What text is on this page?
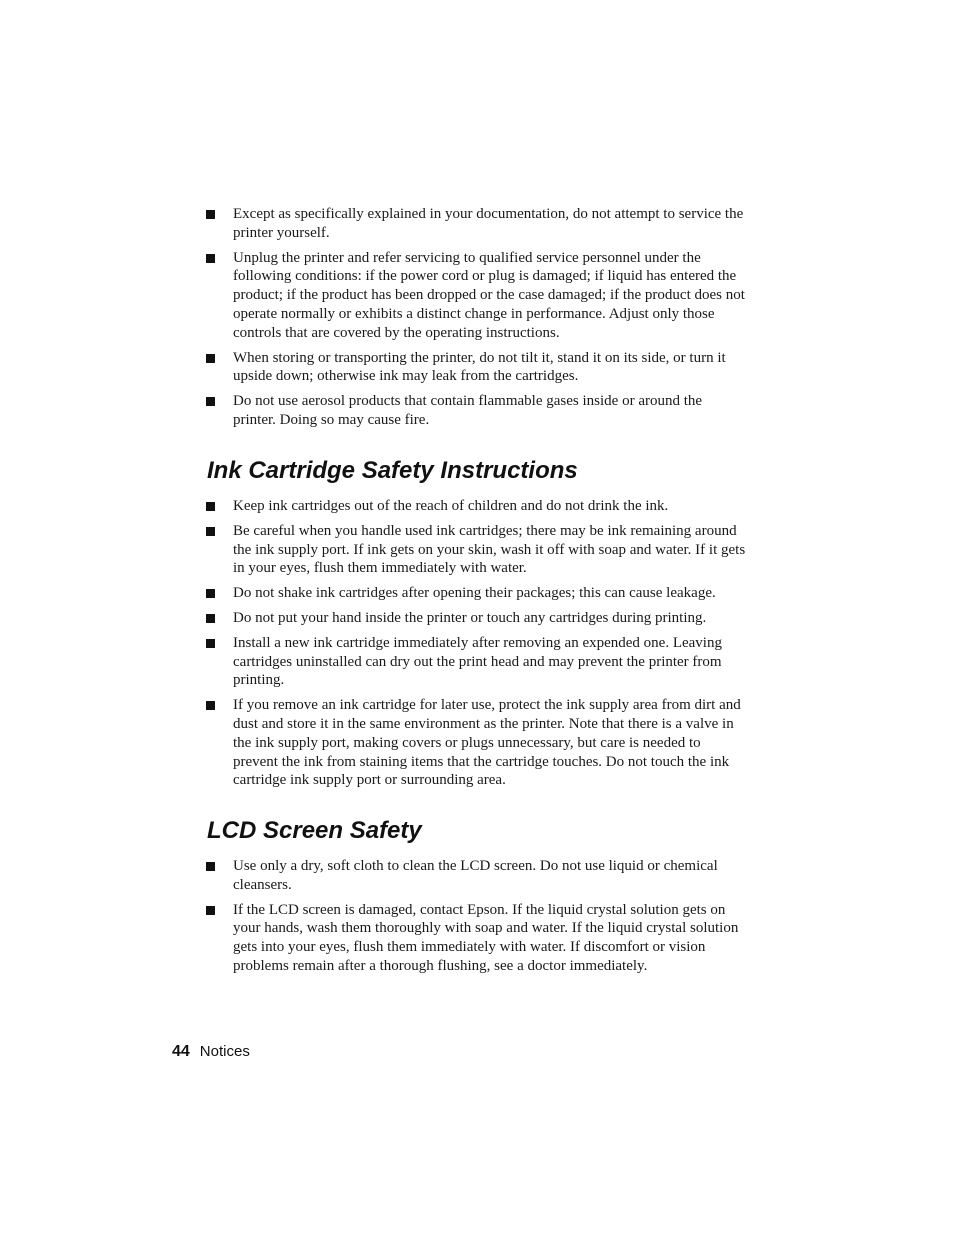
Except as specifically explained in your documentation, do not attempt to service the printer yourself.
Unplug the printer and refer servicing to qualified service personnel under the following conditions: if the power cord or plug is damaged; if liquid has entered the product; if the product has been dropped or the case damaged; if the product does not operate normally or exhibits a distinct change in performance. Adjust only those controls that are covered by the operating instructions.
When storing or transporting the printer, do not tilt it, stand it on its side, or turn it upside down; otherwise ink may leak from the cartridges.
Do not use aerosol products that contain flammable gases inside or around the printer. Doing so may cause fire.
Ink Cartridge Safety Instructions
Keep ink cartridges out of the reach of children and do not drink the ink.
Be careful when you handle used ink cartridges; there may be ink remaining around the ink supply port. If ink gets on your skin, wash it off with soap and water. If it gets in your eyes, flush them immediately with water.
Do not shake ink cartridges after opening their packages; this can cause leakage.
Do not put your hand inside the printer or touch any cartridges during printing.
Install a new ink cartridge immediately after removing an expended one. Leaving cartridges uninstalled can dry out the print head and may prevent the printer from printing.
If you remove an ink cartridge for later use, protect the ink supply area from dirt and dust and store it in the same environment as the printer. Note that there is a valve in the ink supply port, making covers or plugs unnecessary, but care is needed to prevent the ink from staining items that the cartridge touches. Do not touch the ink cartridge ink supply port or surrounding area.
LCD Screen Safety
Use only a dry, soft cloth to clean the LCD screen. Do not use liquid or chemical cleansers.
If the LCD screen is damaged, contact Epson. If the liquid crystal solution gets on your hands, wash them thoroughly with soap and water. If the liquid crystal solution gets into your eyes, flush them immediately with water. If discomfort or vision problems remain after a thorough flushing, see a doctor immediately.
44 Notices
